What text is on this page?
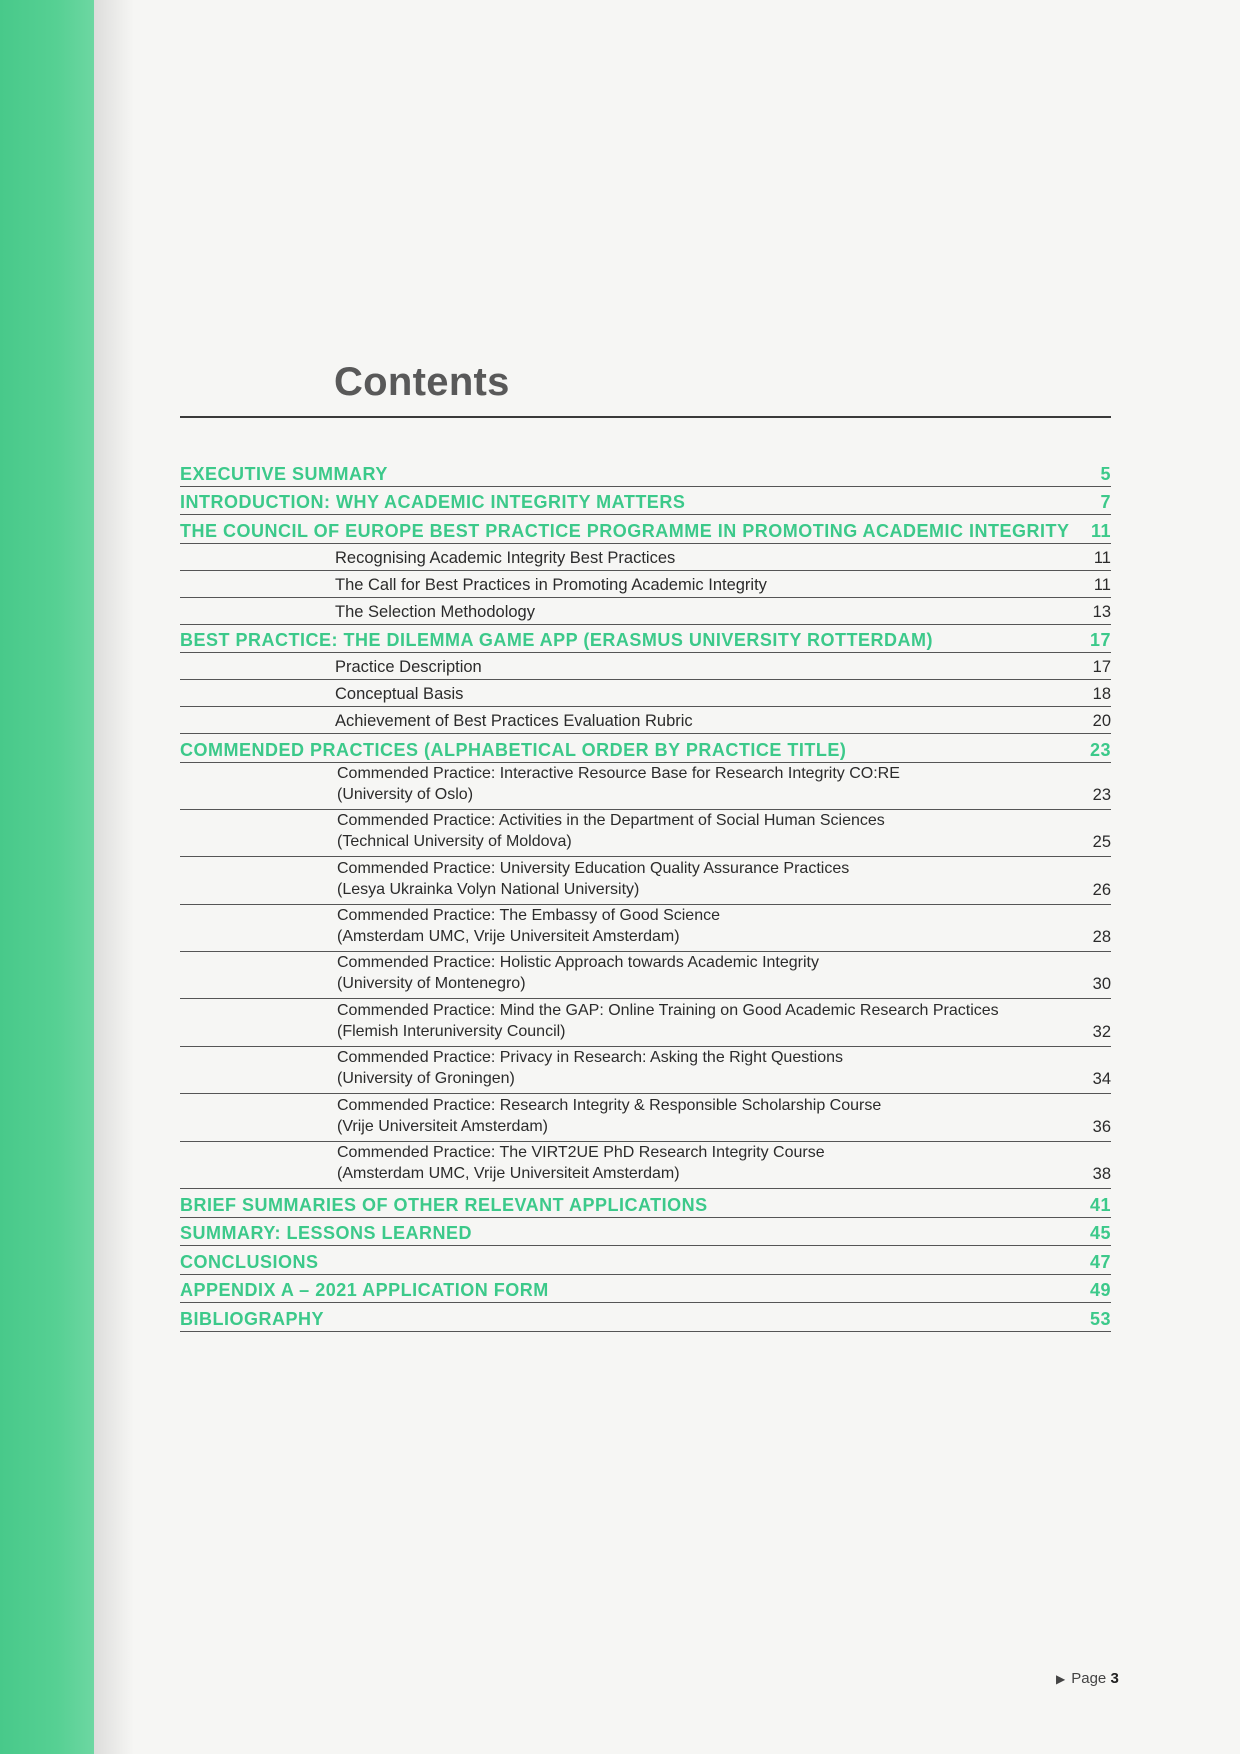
Contents
EXECUTIVE SUMMARY	5
INTRODUCTION: WHY ACADEMIC INTEGRITY MATTERS	7
THE COUNCIL OF EUROPE BEST PRACTICE PROGRAMME IN PROMOTING ACADEMIC INTEGRITY	11
Recognising Academic Integrity Best Practices	11
The Call for Best Practices in Promoting Academic Integrity	11
The Selection Methodology	13
BEST PRACTICE: THE DILEMMA GAME APP (ERASMUS UNIVERSITY ROTTERDAM)	17
Practice Description	17
Conceptual Basis	18
Achievement of Best Practices Evaluation Rubric	20
COMMENDED PRACTICES (ALPHABETICAL ORDER BY PRACTICE TITLE)	23
Commended Practice: Interactive Resource Base for Research Integrity CO:RE
(University of Oslo)	23
Commended Practice: Activities in the Department of Social Human Sciences
(Technical University of Moldova)	25
Commended Practice: University Education Quality Assurance Practices
(Lesya Ukrainka Volyn National University)	26
Commended Practice: The Embassy of Good Science
(Amsterdam UMC, Vrije Universiteit Amsterdam)	28
Commended Practice: Holistic Approach towards Academic Integrity
(University of Montenegro)	30
Commended Practice: Mind the GAP: Online Training on Good Academic Research Practices
(Flemish Interuniversity Council)	32
Commended Practice: Privacy in Research: Asking the Right Questions
(University of Groningen)	34
Commended Practice: Research Integrity & Responsible Scholarship Course
(Vrije Universiteit Amsterdam)	36
Commended Practice: The VIRT2UE PhD Research Integrity Course
(Amsterdam UMC, Vrije Universiteit Amsterdam)	38
BRIEF SUMMARIES OF OTHER RELEVANT APPLICATIONS	41
SUMMARY: LESSONS LEARNED	45
CONCLUSIONS	47
APPENDIX A – 2021 APPLICATION FORM	49
BIBLIOGRAPHY	53
▶ Page 3
